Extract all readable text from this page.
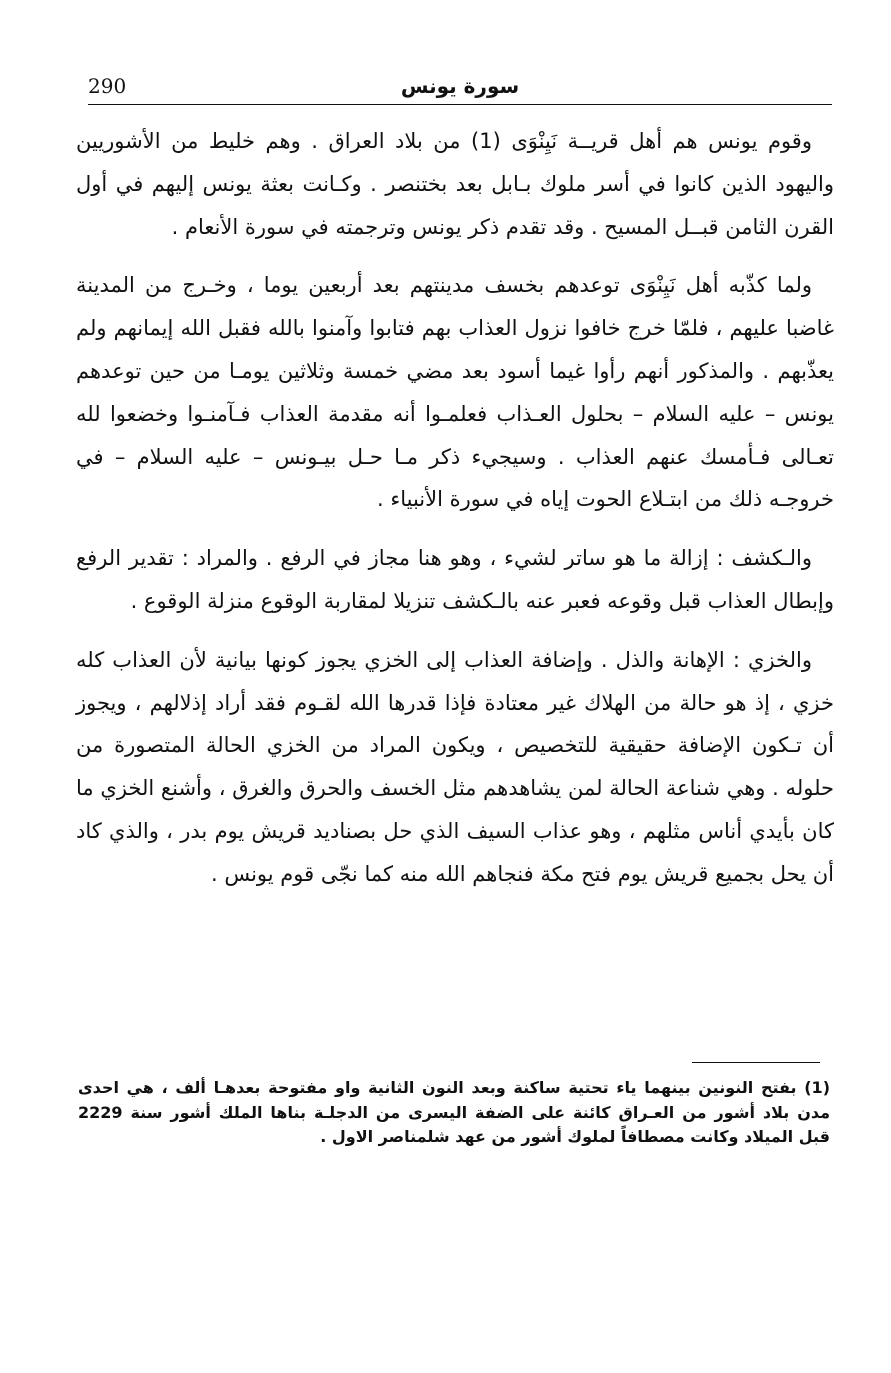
290	سورة يونس

وقوم يونس هم أهل قريــة نَيِنْوَى (1) من بلاد العراق . وهم خليط من الأشوريين واليهود الذين كانوا في أسر ملوك بـابل بعد بختنصر . وكـانت بعثة يونس إليهم في أول القرن الثامن قبــل المسيح . وقد تقدم ذكر يونس وترجمته في سورة الأنعام .

ولما كذّبه أهل نَيِنْوَى توعدهم بخسف مدينتهم بعد أربعين يوما ، وخـرج من المدينة غاضبا عليهم ، فلمّا خرج خافوا نزول العذاب بهم فتابوا وآمنوا بالله فقبل الله إيمانهم ولم يعذّبهم . والمذكور أنهم رأوا غيما أسود بعد مضي خمسة وثلاثين يومـا من حين توعدهم يونس – عليه السلام – بحلول العـذاب فعلمـوا أنه مقدمة العذاب فـآمنـوا وخضعوا لله تعـالى فـأمسك عنهم العذاب . وسيجيء ذكر مـا حـل بيـونس – عليه السلام – في خروجـه ذلك من ابتـلاع الحوت إياه في سورة الأنبياء .

والـكشف : إزالة ما هو ساتر لشيء ، وهو هنا مجاز في الرفع . والمراد : تقدير الرفع وإبطال العذاب قبل وقوعه فعبر عنه بالـكشف تنزيلا لمقاربة الوقوع منزلة الوقوع .

والخزي : الإهانة والذل . وإضافة العذاب إلى الخزي يجوز كونها بيانية لأن العذاب كله خزي ، إذ هو حالة من الهلاك غير معتادة فإذا قدرها الله لقـوم فقد أراد إذلالهم ، ويجوز أن تـكون الإضافة حقيقية للتخصيص ، ويكون المراد من الخزي الحالة المتصورة من حلوله . وهي شناعة الحالة لمن يشاهدهم مثل الخسف والحرق والغرق ، وأشنع الخزي ما كان بأيدي أناس مثلهم ، وهو عذاب السيف الذي حل بصناديد قريش يوم بدر ، والذي كاد أن يحل بجميع قريش يوم فتح مكة فنجاهم الله منه كما نجّى قوم يونس .

(1) بفتح النونين بينهما ياء تحتية ساكنة وبعد النون الثانية واو مفتوحة بعدهـا ألف ، هي احدى مدن بلاد أشور من العـراق كائنة على الضفة اليسرى من الدجلـة بناها الملك أشور سنة 2229 قبل الميلاد وكانت مصطافاً لملوك أشور من عهد شلمناصر الاول .
